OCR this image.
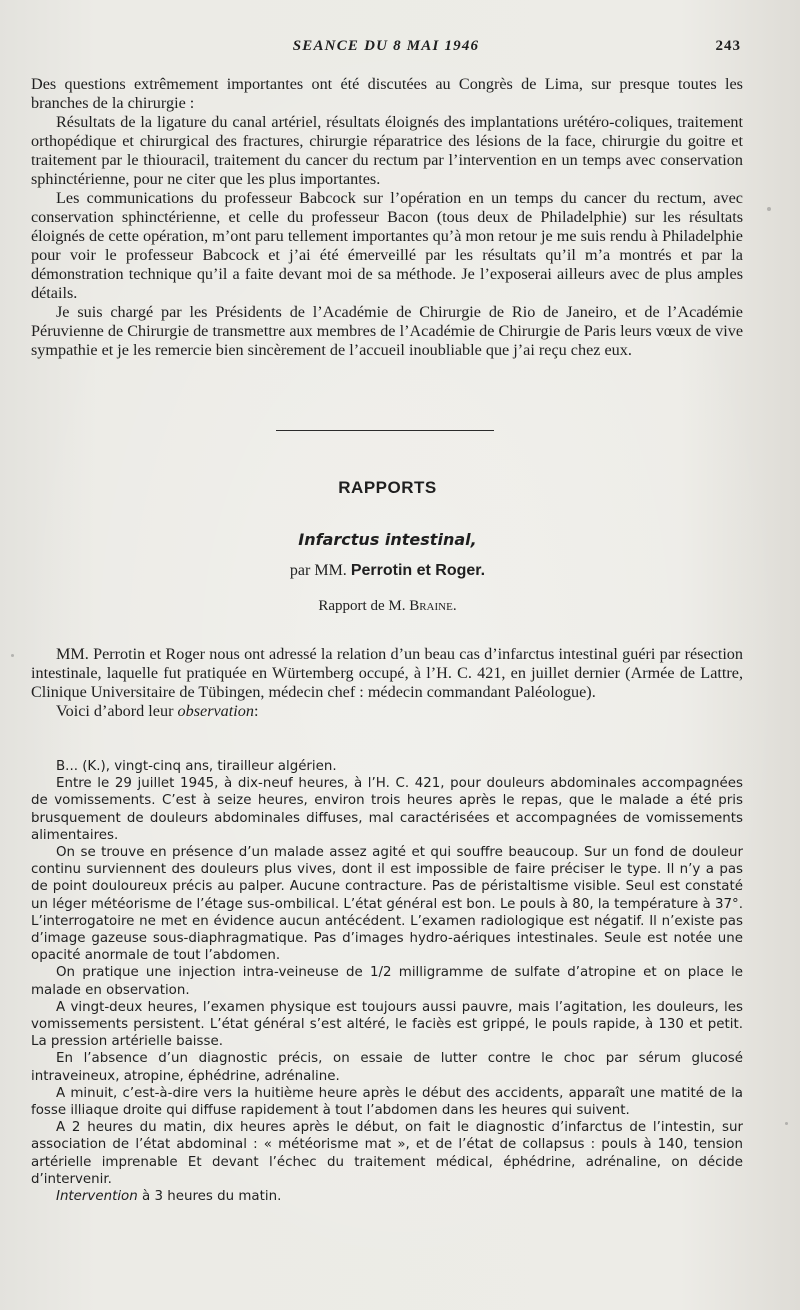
SEANCE DU 8 MAI 1946	243

Des questions extrêmement importantes ont été discutées au Congrès de Lima, sur presque toutes les branches de la chirurgie :

Résultats de la ligature du canal artériel, résultats éloignés des implantations urétéro-coliques, traitement orthopédique et chirurgical des fractures, chirurgie réparatrice des lésions de la face, chirurgie du goitre et traitement par le thiouracil, traitement du cancer du rectum par l’intervention en un temps avec conservation sphinctérienne, pour ne citer que les plus importantes.

Les communications du professeur Babcock sur l’opération en un temps du cancer du rectum, avec conservation sphinctérienne, et celle du professeur Bacon (tous deux de Philadelphie) sur les résultats éloignés de cette opération, m’ont paru tellement importantes qu’à mon retour je me suis rendu à Philadelphie pour voir le professeur Babcock et j’ai été émerveillé par les résultats qu’il m’a montrés et par la démonstration technique qu’il a faite devant moi de sa méthode. Je l’exposerai ailleurs avec de plus amples détails.

Je suis chargé par les Présidents de l’Académie de Chirurgie de Rio de Janeiro, et de l’Académie Péruvienne de Chirurgie de transmettre aux membres de l’Académie de Chirurgie de Paris leurs vœux de vive sympathie et je les remercie bien sincèrement de l’accueil inoubliable que j’ai reçu chez eux.

RAPPORTS
Infarctus intestinal,
par MM. Perrotin et Roger.
Rapport de M. Braine.

MM. Perrotin et Roger nous ont adressé la relation d’un beau cas d’infarctus intestinal guéri par résection intestinale, laquelle fut pratiquée en Würtemberg occupé, à l’H. C. 421, en juillet dernier (Armée de Lattre, Clinique Universitaire de Tübingen, médecin chef : médecin commandant Paléologue).

Voici d’abord leur observation:

B... (K.), vingt-cinq ans, tirailleur algérien.

Entre le 29 juillet 1945, à dix-neuf heures, à l’H. C. 421, pour douleurs abdominales accompagnées de vomissements. C’est à seize heures, environ trois heures après le repas, que le malade a été pris brusquement de douleurs abdominales diffuses, mal caractérisées et accompagnées de vomissements alimentaires.

On se trouve en présence d’un malade assez agité et qui souffre beaucoup. Sur un fond de douleur continu surviennent des douleurs plus vives, dont il est impossible de faire préciser le type. Il n’y a pas de point douloureux précis au palper. Aucune contracture. Pas de péristaltisme visible. Seul est constaté un léger météorisme de l’étage sus-ombilical. L’état général est bon. Le pouls à 80, la température à 37°. L’interrogatoire ne met en évidence aucun antécédent. L’examen radiologique est négatif. Il n’existe pas d’image gazeuse sous-diaphragmatique. Pas d’images hydro-aériques intestinales. Seule est notée une opacité anormale de tout l’abdomen.

On pratique une injection intra-veineuse de 1/2 milligramme de sulfate d’atropine et on place le malade en observation.

A vingt-deux heures, l’examen physique est toujours aussi pauvre, mais l’agitation, les douleurs, les vomissements persistent. L’état général s’est altéré, le faciès est grippé, le pouls rapide, à 130 et petit. La pression artérielle baisse.

En l’absence d’un diagnostic précis, on essaie de lutter contre le choc par sérum glucosé intraveineux, atropine, éphédrine, adrénaline.

A minuit, c’est-à-dire vers la huitième heure après le début des accidents, apparaît une matité de la fosse illiaque droite qui diffuse rapidement à tout l’abdomen dans les heures qui suivent.

A 2 heures du matin, dix heures après le début, on fait le diagnostic d’infarctus de l’intestin, sur association de l’état abdominal : « météorisme mat », et de l’état de collapsus : pouls à 140, tension artérielle imprenable Et devant l’échec du traitement médical, éphédrine, adrénaline, on décide d’intervenir.

Intervention à 3 heures du matin.
